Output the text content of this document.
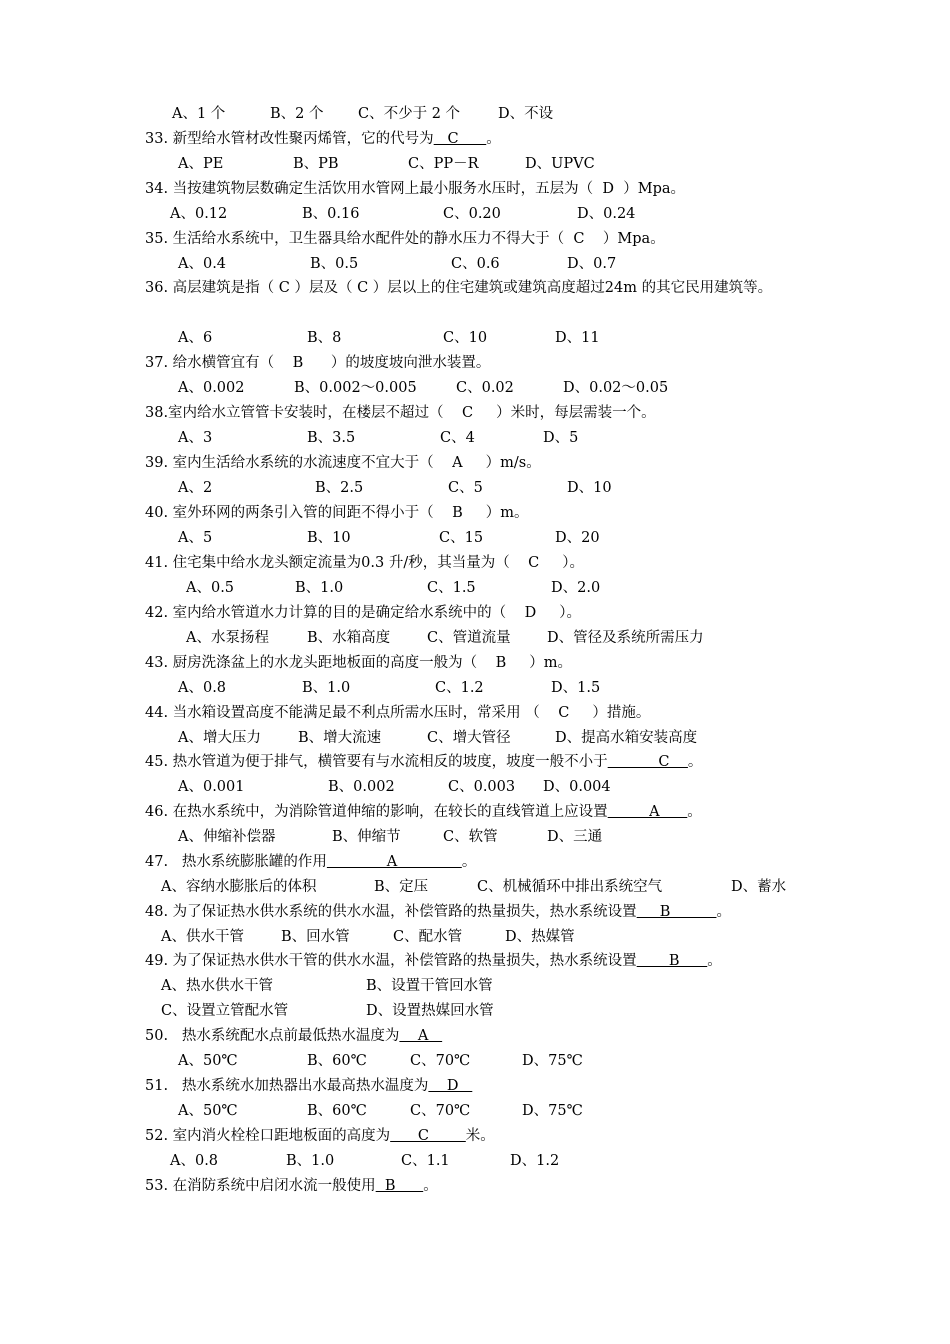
A、1 个	B、2 个 C、不少于 2 个	D、不设
33. 新型给水管材改性聚丙烯管，它的代号为   C      。
A、PE	B、PB	C、PP－R	D、UPVC
34. 当按建筑物层数确定生活饮用水管网上最小服务水压时，五层为（  D  ）Mpa。
A、0.12	B、0.16	C、0.20	D、0.24
35. 生活给水系统中，卫生器具给水配件处的静水压力不得大于（  C    ）Mpa。
A、0.4	B、0.5	C、0.6	D、0.7
36. 高层建筑是指（ C ）层及（ C ）层以上的住宅建筑或建筑高度超过24m 的其它民用建筑等。
A、6	B、8	C、10	D、11
37. 给水横管宜有（    B      ）的坡度坡向泄水装置。
A、0.002	B、0.002～0.005	C、0.02	D、0.02～0.05
38.室内给水立管管卡安装时，在楼层不超过（    C     ）米时，每层需装一个。
A、3	B、3.5	C、4	D、5
39. 室内生活给水系统的水流速度不宜大于（    A     ）m/s。
A、2	B、2.5	C、5	D、10
40. 室外环网的两条引入管的间距不得小于（    B     ）m。
A、5	B、10	C、15	D、20
41. 住宅集中给水龙头额定流量为0.3 升/秒，其当量为（    C     ）。
A、0.5	B、1.0	C、1.5	D、2.0
42. 室内给水管道水力计算的目的是确定给水系统中的（    D     ）。
A、水泵扬程	B、水箱高度	C、管道流量	D、管径及系统所需压力
43. 厨房洗涤盆上的水龙头距地板面的高度一般为（    B     ）m。
A、0.8	B、1.0	C、1.2	D、1.5
44. 当水箱设置高度不能满足最不利点所需水压时，常采用 （    C     ）措施。
A、增大压力	B、增大流速	C、增大管径	D、提高水箱安装高度
45. 热水管道为便于排气，横管要有与水流相反的坡度，坡度一般不小于           C    。
A、0.001	B、0.002	C、0.003 D、0.004
46. 在热水系统中，为消除管道伸缩的影响，在较长的直线管道上应设置         A      。
A、伸缩补偿器	B、伸缩节	C、软管	D、三通
47.   热水系统膨胀罐的作用             A              。
A、容纳水膨胀后的体积	B、定压	C、机械循环中排出系统空气	D、蓄水
48. 为了保证热水供水系统的供水水温，补偿管路的热量损失，热水系统设置     B          。
A、供水干管	B、回水管	C、配水管	D、热媒管
49. 为了保证热水供水干管的供水水温，补偿管路的热量损失，热水系统设置       B      。
A、热水供水干管	B、设置干管回水管
C、设置立管配水管	D、设置热媒回水管
50.   热水系统配水点前最低热水温度为    A
A、50℃	B、60℃	C、70℃	D、75℃
51.   热水系统水加热器出水最高热水温度为    D
A、50℃	B、60℃	C、70℃	D、75℃
52. 室内消火栓栓口距地板面的高度为      C        米。
A、0.8	B、1.0	C、1.1	D、1.2
53. 在消防系统中启闭水流一般使用  B      。
